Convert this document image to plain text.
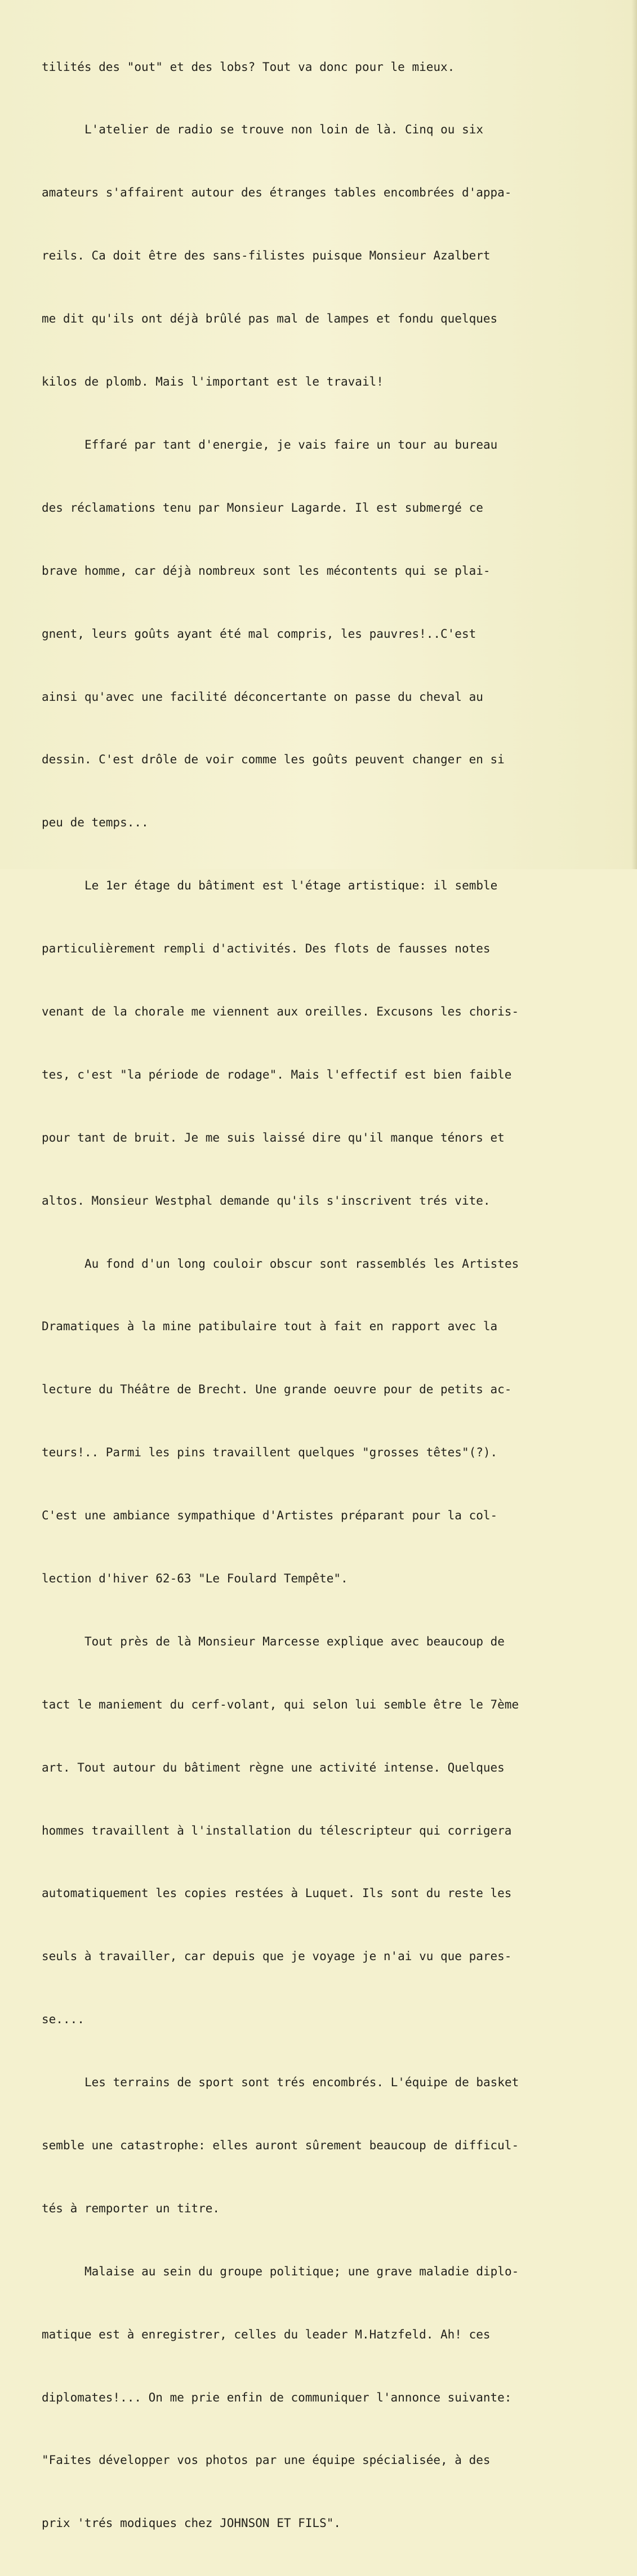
tilités des "out" et des lobs? Tout va donc pour le mieux.

L'atelier de radio se trouve non loin de là. Cinq ou six

amateurs s'affairent autour des étranges tables encombrées d'appa-

reils. Ca doit être des sans-filistes puisque Monsieur Azalbert

me dit qu'ils ont déjà brûlé pas mal de lampes et fondu quelques

kilos de plomb. Mais l'important est le travail!

Effaré par tant d'energie, je vais faire un tour au bureau

des réclamations tenu par Monsieur Lagarde. Il est submergé ce

brave homme, car déjà nombreux sont les mécontents qui se plai-

gnent, leurs goûts ayant été mal compris, les pauvres!..C'est

ainsi qu'avec une facilité déconcertante on passe du cheval au

dessin. C'est drôle de voir comme les goûts peuvent changer en si

peu de temps...

Le 1er étage du bâtiment est l'étage artistique: il semble

particulièrement rempli d'activités. Des flots de fausses notes

venant de la chorale me viennent aux oreilles. Excusons les choris-

tes, c'est "la période de rodage". Mais l'effectif est bien faible

pour tant de bruit. Je me suis laissé dire qu'il manque ténors et

altos. Monsieur Westphal demande qu'ils s'inscrivent trés vite.

Au fond d'un long couloir obscur sont rassemblés les Artistes

Dramatiques à la mine patibulaire tout à fait en rapport avec la

lecture du Théâtre de Brecht. Une grande oeuvre pour de petits ac-

teurs!.. Parmi les pins travaillent quelques "grosses têtes"(?).

C'est une ambiance sympathique d'Artistes préparant pour la col-

lection d'hiver 62-63 "Le Foulard Tempête".

Tout près de là Monsieur Marcesse explique avec beaucoup de

tact le maniement du cerf-volant, qui selon lui semble être le 7ème

art. Tout autour du bâtiment règne une activité intense. Quelques

hommes travaillent à l'installation du télescripteur qui corrigera

automatiquement les copies restées à Luquet. Ils sont du reste les

seuls à travailler, car depuis que je voyage je n'ai vu que pares-

se....

Les terrains de sport sont trés encombrés. L'équipe de basket

semble une catastrophe: elles auront sûrement beaucoup de difficul-

tés à remporter un titre.

Malaise au sein du groupe politique; une grave maladie diplo-

matique est à enregistrer, celles du leader M.Hatzfeld. Ah! ces

diplomates!... On me prie enfin de communiquer l'annonce suivante:

"Faites développer vos photos par une équipe spécialisée, à des

prix 'trés modiques chez JOHNSON ET FILS".
